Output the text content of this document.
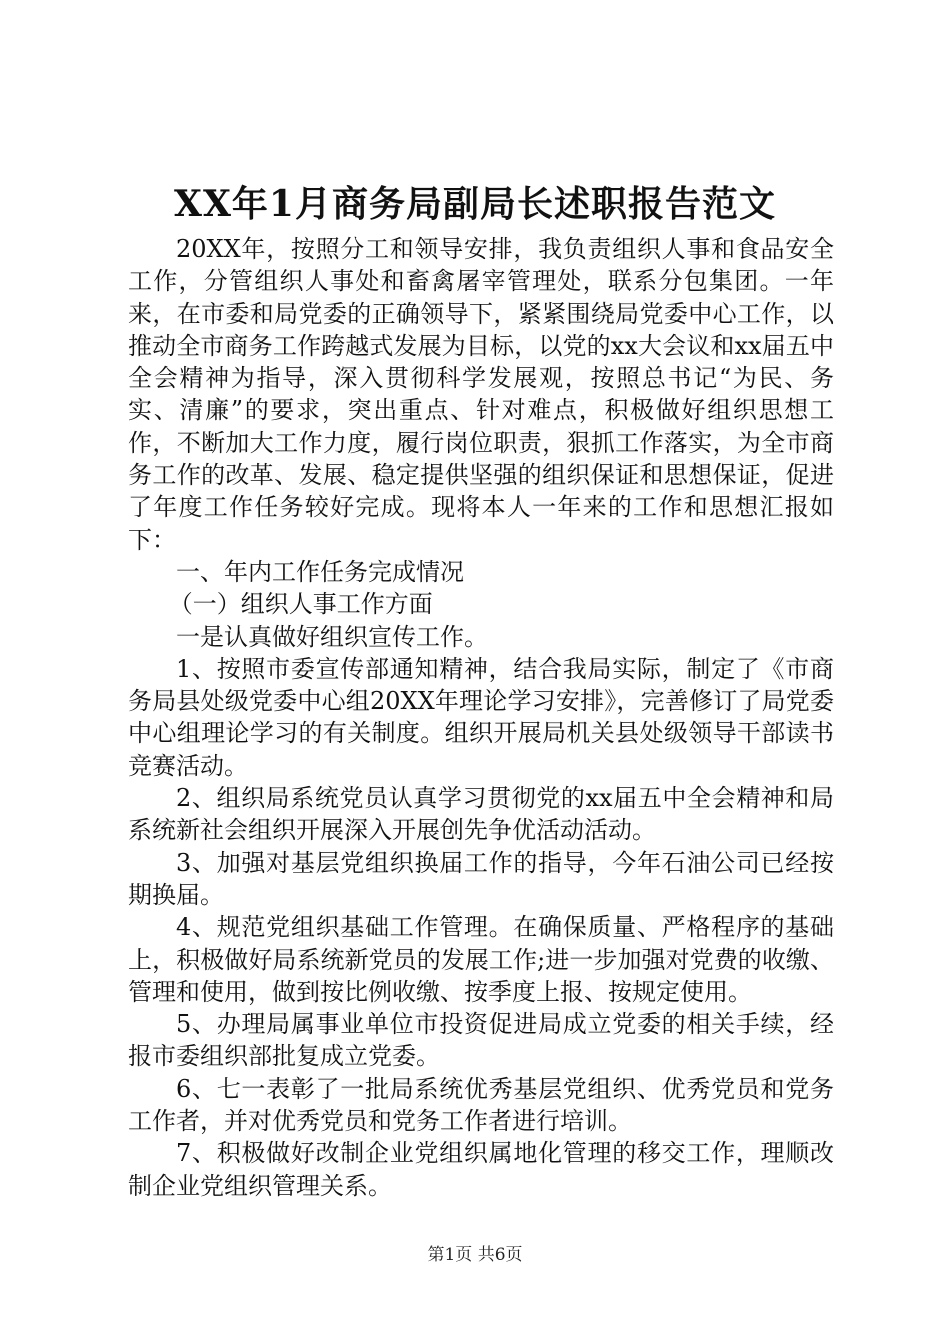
XX年1月商务局副局长述职报告范文

20XX年，按照分工和领导安排，我负责组织人事和食品安全工作，分管组织人事处和畜禽屠宰管理处，联系分包集团。一年来，在市委和局党委的正确领导下，紧紧围绕局党委中心工作，以推动全市商务工作跨越式发展为目标，以党的xx大会议和xx届五中全会精神为指导，深入贯彻科学发展观，按照总书记“为民、务实、清廉”的要求，突出重点、针对难点，积极做好组织思想工作，不断加大工作力度，履行岗位职责，狠抓工作落实，为全市商务工作的改革、发展、稳定提供坚强的组织保证和思想保证，促进了年度工作任务较好完成。现将本人一年来的工作和思想汇报如下：

一、年内工作任务完成情况

（一）组织人事工作方面

一是认真做好组织宣传工作。

1、按照市委宣传部通知精神，结合我局实际，制定了《市商务局县处级党委中心组20XX年理论学习安排》，完善修订了局党委中心组理论学习的有关制度。组织开展局机关县处级领导干部读书竞赛活动。

2、组织局系统党员认真学习贯彻党的xx届五中全会精神和局系统新社会组织开展深入开展创先争优活动活动。

3、加强对基层党组织换届工作的指导，今年石油公司已经按期换届。

4、规范党组织基础工作管理。在确保质量、严格程序的基础上，积极做好局系统新党员的发展工作;进一步加强对党费的收缴、管理和使用，做到按比例收缴、按季度上报、按规定使用。

5、办理局属事业单位市投资促进局成立党委的相关手续，经报市委组织部批复成立党委。

6、七一表彰了一批局系统优秀基层党组织、优秀党员和党务工作者，并对优秀党员和党务工作者进行培训。

7、积极做好改制企业党组织属地化管理的移交工作，理顺改制企业党组织管理关系。

第1页 共6页
